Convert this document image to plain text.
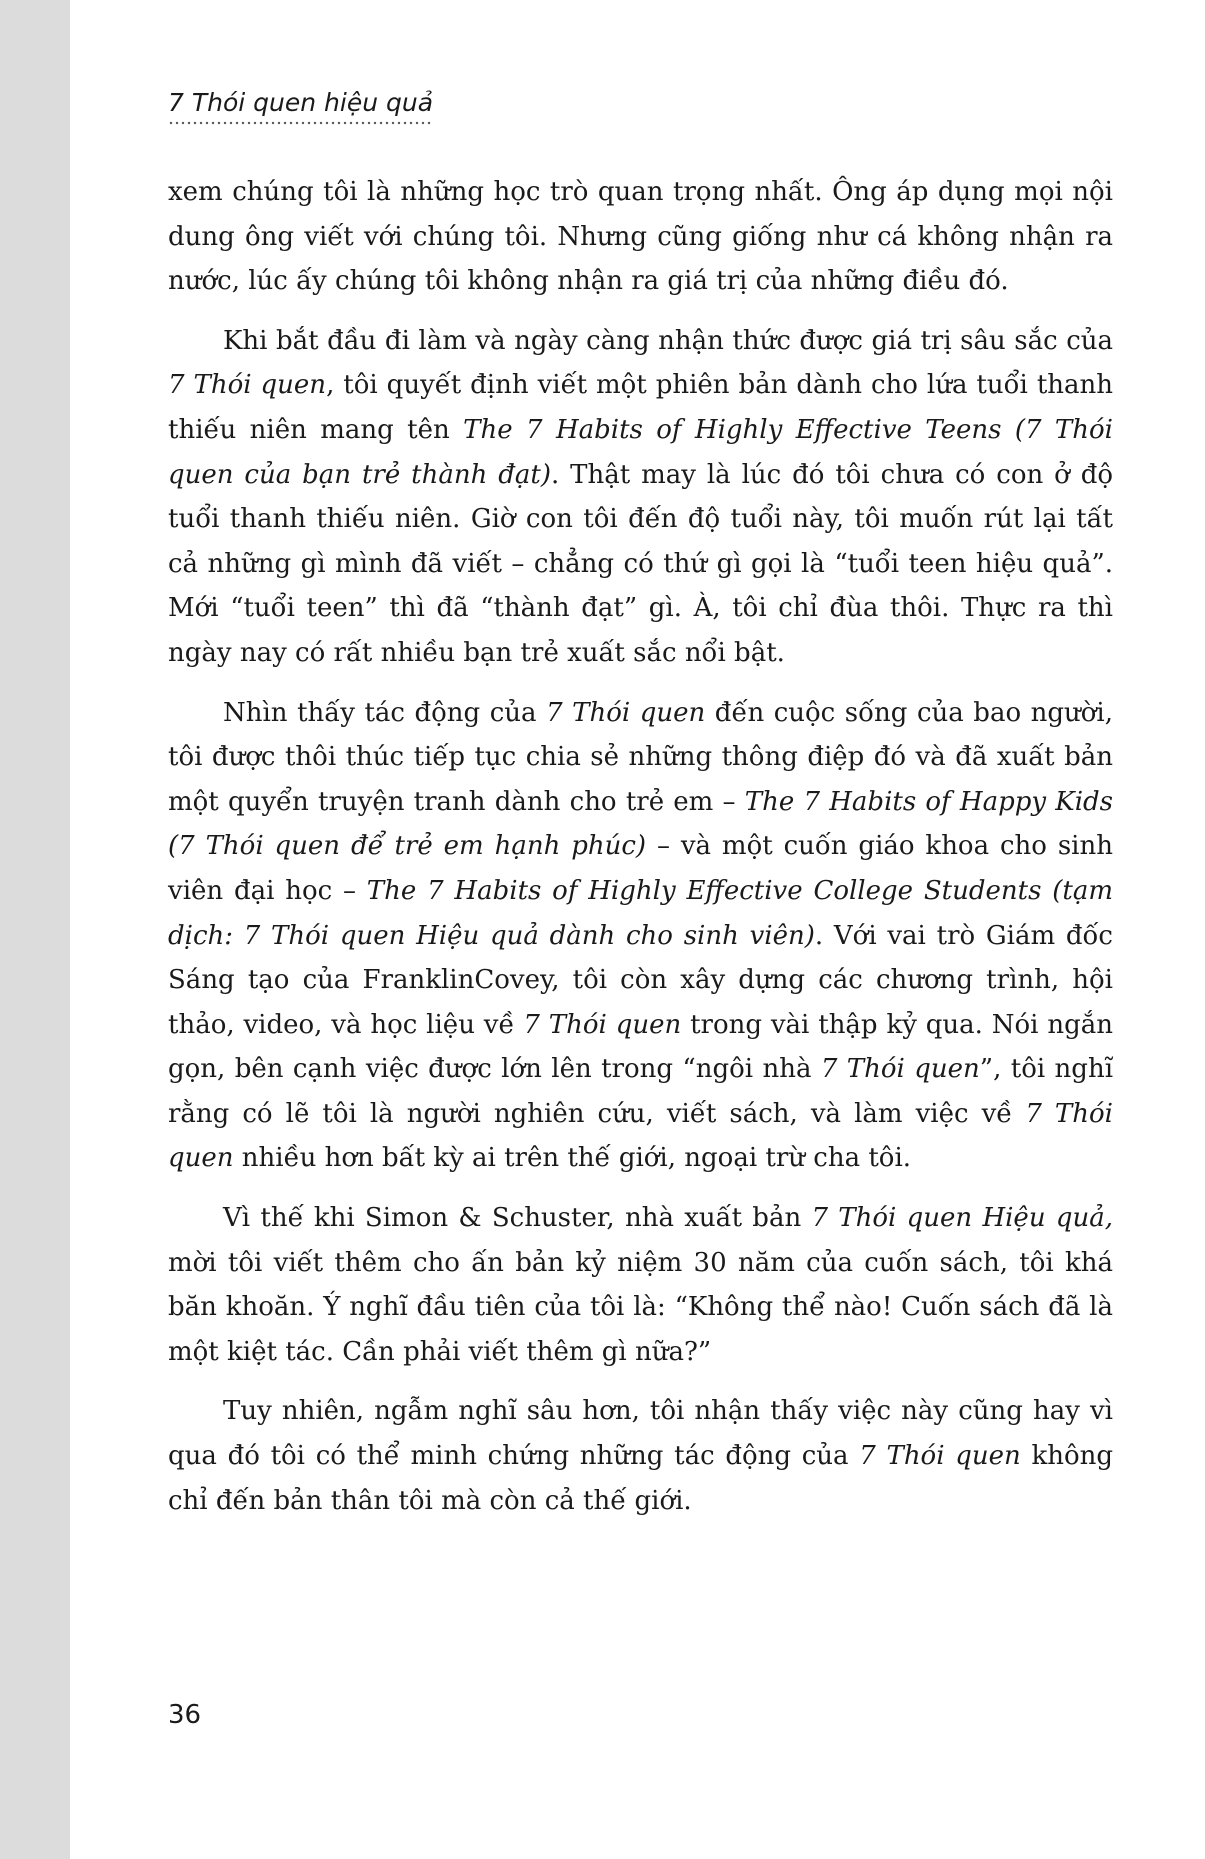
7 Thói quen hiệu quả

xem chúng tôi là những học trò quan trọng nhất. Ông áp dụng mọi nội dung ông viết với chúng tôi. Nhưng cũng giống như cá không nhận ra nước, lúc ấy chúng tôi không nhận ra giá trị của những điều đó.

Khi bắt đầu đi làm và ngày càng nhận thức được giá trị sâu sắc của 7 Thói quen, tôi quyết định viết một phiên bản dành cho lứa tuổi thanh thiếu niên mang tên The 7 Habits of Highly Effective Teens (7 Thói quen của bạn trẻ thành đạt). Thật may là lúc đó tôi chưa có con ở độ tuổi thanh thiếu niên. Giờ con tôi đến độ tuổi này, tôi muốn rút lại tất cả những gì mình đã viết – chẳng có thứ gì gọi là “tuổi teen hiệu quả”. Mới “tuổi teen” thì đã “thành đạt” gì. À, tôi chỉ đùa thôi. Thực ra thì ngày nay có rất nhiều bạn trẻ xuất sắc nổi bật.

Nhìn thấy tác động của 7 Thói quen đến cuộc sống của bao người, tôi được thôi thúc tiếp tục chia sẻ những thông điệp đó và đã xuất bản một quyển truyện tranh dành cho trẻ em – The 7 Habits of Happy Kids (7 Thói quen để trẻ em hạnh phúc) – và một cuốn giáo khoa cho sinh viên đại học – The 7 Habits of Highly Effective College Students (tạm dịch: 7 Thói quen Hiệu quả dành cho sinh viên). Với vai trò Giám đốc Sáng tạo của FranklinCovey, tôi còn xây dựng các chương trình, hội thảo, video, và học liệu về 7 Thói quen trong vài thập kỷ qua. Nói ngắn gọn, bên cạnh việc được lớn lên trong “ngôi nhà 7 Thói quen”, tôi nghĩ rằng có lẽ tôi là người nghiên cứu, viết sách, và làm việc về 7 Thói quen nhiều hơn bất kỳ ai trên thế giới, ngoại trừ cha tôi.

Vì thế khi Simon & Schuster, nhà xuất bản 7 Thói quen Hiệu quả, mời tôi viết thêm cho ấn bản kỷ niệm 30 năm của cuốn sách, tôi khá băn khoăn. Ý nghĩ đầu tiên của tôi là: “Không thể nào! Cuốn sách đã là một kiệt tác. Cần phải viết thêm gì nữa?”

Tuy nhiên, ngẫm nghĩ sâu hơn, tôi nhận thấy việc này cũng hay vì qua đó tôi có thể minh chứng những tác động của 7 Thói quen không chỉ đến bản thân tôi mà còn cả thế giới.

36
